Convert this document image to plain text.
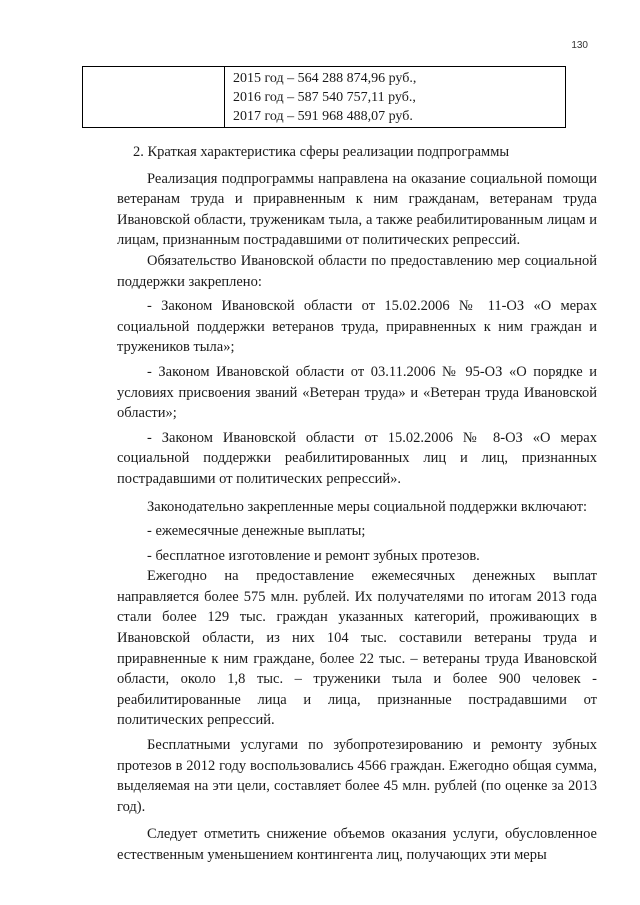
130

2015 год – 564 288 874,96 руб.,
2016 год – 587 540 757,11 руб.,
2017 год – 591 968 488,07 руб.

2. Краткая характеристика сферы реализации подпрограммы

Реализация подпрограммы направлена на оказание социальной помощи ветеранам труда и приравненным к ним гражданам, ветеранам труда Ивановской области, труженикам тыла, а также реабилитированным лицам и лицам, признанным пострадавшими от политических репрессий.

Обязательство Ивановской области по предоставлению мер социальной поддержки закреплено:

- Законом Ивановской области от 15.02.2006 № 11-ОЗ «О мерах социальной поддержки ветеранов труда, приравненных к ним граждан и тружеников тыла»;

- Законом Ивановской области от 03.11.2006 № 95-ОЗ «О порядке и условиях присвоения званий «Ветеран труда» и «Ветеран труда Ивановской области»;

- Законом Ивановской области от 15.02.2006 № 8-ОЗ «О мерах социальной поддержки реабилитированных лиц и лиц, признанных пострадавшими от политических репрессий».

Законодательно закрепленные меры социальной поддержки включают:

- ежемесячные денежные выплаты;

- бесплатное изготовление и ремонт зубных протезов.

Ежегодно на предоставление ежемесячных денежных выплат направляется более 575 млн. рублей. Их получателями по итогам 2013 года стали более 129 тыс. граждан указанных категорий, проживающих в Ивановской области, из них 104 тыс. составили ветераны труда и приравненные к ним граждане, более 22 тыс. – ветераны труда Ивановской области, около 1,8 тыс. – труженики тыла и более 900 человек - реабилитированные лица и лица, признанные пострадавшими от политических репрессий.

Бесплатными услугами по зубопротезированию и ремонту зубных протезов в 2012 году воспользовались 4566 граждан. Ежегодно общая сумма, выделяемая на эти цели, составляет более 45 млн. рублей (по оценке за 2013 год).

Следует отметить снижение объемов оказания услуги, обусловленное естественным уменьшением контингента лиц, получающих эти меры
